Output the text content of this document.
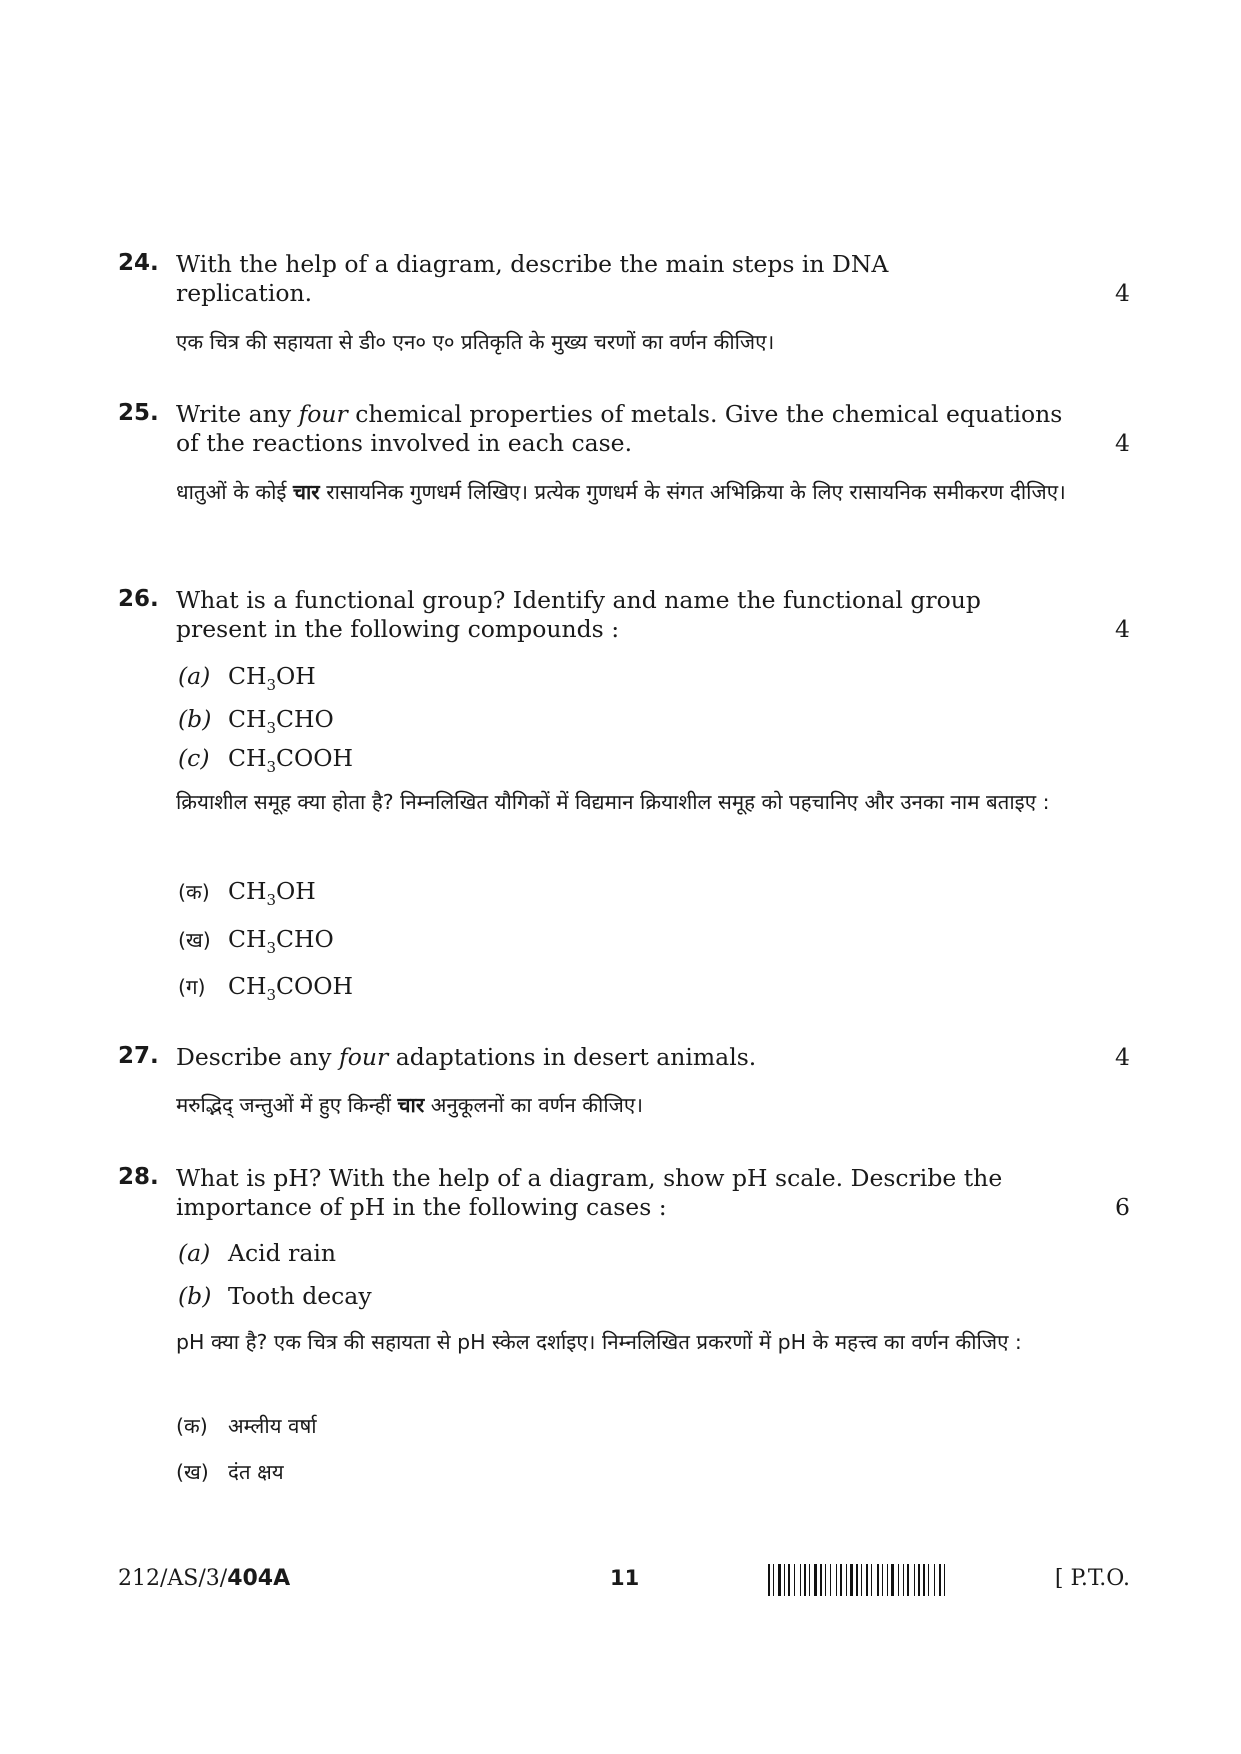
24. With the help of a diagram, describe the main steps in DNA
replication.	4
एक चित्र की सहायता से डी० एन० ए० प्रतिकृति के मुख्य चरणों का वर्णन कीजिए।
25. Write any four chemical properties of metals. Give the chemical equations
of the reactions involved in each case.	4
धातुओं के कोई चार रासायनिक गुणधर्म लिखिए। प्रत्येक गुणधर्म के संगत अभिक्रिया के लिए रासायनिक समीकरण दीजिए।
26. What is a functional group? Identify and name the functional group
present in the following compounds :	4
(a) $CH_3OH$
(b) $CH_3CHO$
(c) $CH_3COOH$
क्रियाशील समूह क्या होता है? निम्नलिखित यौगिकों में विद्यमान क्रियाशील समूह को पहचानिए और उनका नाम बताइए :
(क) $CH_3OH$
(ख) $CH_3CHO$
(ग) $CH_3COOH$
27. Describe any four adaptations in desert animals.	4
मरुद्भिद् जन्तुओं में हुए किन्हीं चार अनुकूलनों का वर्णन कीजिए।
28. What is pH? With the help of a diagram, show pH scale. Describe the
importance of pH in the following cases :	6
(a) Acid rain
(b) Tooth decay
pH क्या है? एक चित्र की सहायता से pH स्केल दर्शाइए। निम्नलिखित प्रकरणों में pH के महत्त्व का वर्णन कीजिए :
(क) अम्लीय वर्षा
(ख) दंत क्षय
212/AS/3/404A	11	[ P.T.O.
